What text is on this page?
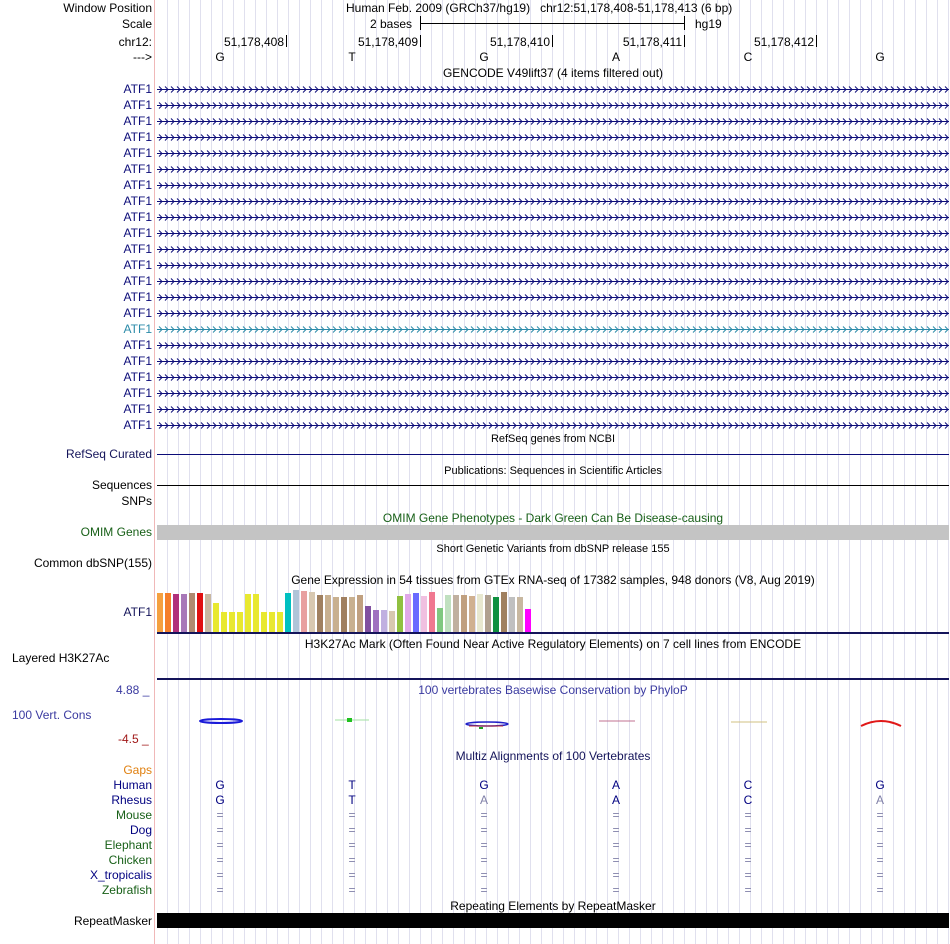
Window Position	Human Feb. 2009 (GRCh37/hg19)   chr12:51,178,408-51,178,413 (6 bp)
Scale	2 bases	hg19
chr12:	51,178,408	51,178,409	51,178,410	51,178,411	51,178,412
--->	G	T	G	A	C	G
GENCODE V49lift37 (4 items filtered out)
ATF1
ATF1
ATF1
ATF1
ATF1
ATF1
ATF1
ATF1
ATF1
ATF1
ATF1
ATF1
ATF1
ATF1
ATF1
ATF1
ATF1
ATF1
ATF1
ATF1
ATF1
ATF1
RefSeq genes from NCBI
RefSeq Curated
Publications: Sequences in Scientific Articles
Sequences
SNPs
OMIM Gene Phenotypes - Dark Green Can Be Disease-causing
OMIM Genes
Short Genetic Variants from dbSNP release 155
Common dbSNP(155)
Gene Expression in 54 tissues from GTEx RNA-seq of 17382 samples, 948 donors (V8, Aug 2019)
ATF1
H3K27Ac Mark (Often Found Near Active Regulatory Elements) on 7 cell lines from ENCODE
Layered H3K27Ac
100 vertebrates Basewise Conservation by PhyloP
4.88 _
100 Vert. Cons
-4.5 _
Multiz Alignments of 100 Vertebrates
Gaps
Human	G	T	G	A	C	G
Rhesus	G	T	A	A	C	A
Mouse	=	=	=	=	=	=
Dog	=	=	=	=	=	=
Elephant	=	=	=	=	=	=
Chicken	=	=	=	=	=	=
X_tropicalis	=	=	=	=	=	=
Zebrafish	=	=	=	=	=	=
Repeating Elements by RepeatMasker
RepeatMasker
